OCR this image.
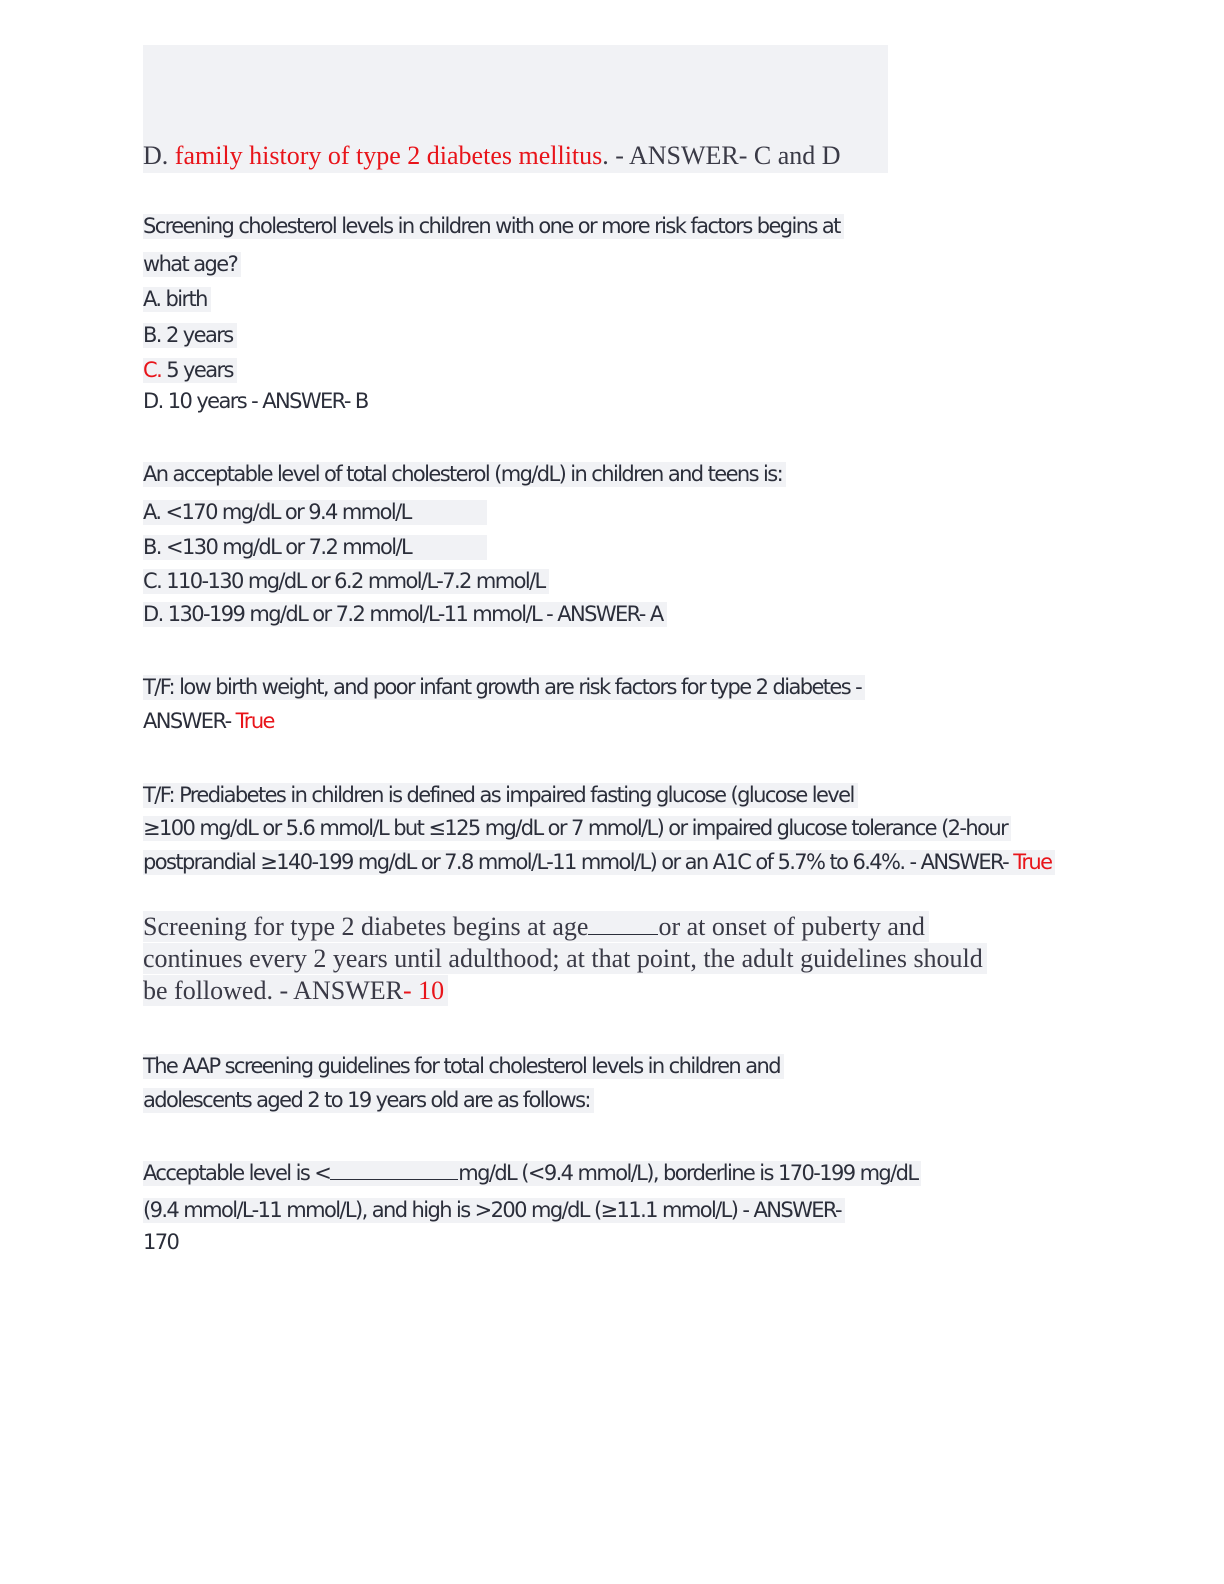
D. family history of type 2 diabetes mellitus. - ANSWER- C and D
Screening cholesterol levels in children with one or more risk factors begins at
what age?
A. birth
B. 2 years
C. 5 years
D. 10 years - ANSWER- B
An acceptable level of total cholesterol (mg/dL) in children and teens is:
A. <170 mg/dL or 9.4 mmol/L
B. <130 mg/dL or 7.2 mmol/L
C. 110-130 mg/dL or 6.2 mmol/L-7.2 mmol/L
D. 130-199 mg/dL or 7.2 mmol/L-11 mmol/L - ANSWER- A
T/F: low birth weight, and poor infant growth are risk factors for type 2 diabetes -
ANSWER- True
T/F: Prediabetes in children is defined as impaired fasting glucose (glucose level
≥100 mg/dL or 5.6 mmol/L but ≤125 mg/dL or 7 mmol/L) or impaired glucose tolerance (2-hour
postprandial ≥140-199 mg/dL or 7.8 mmol/L-11 mmol/L) or an A1C of 5.7% to 6.4%. - ANSWER- True
Screening for type 2 diabetes begins at age	or at onset of puberty and
continues every 2 years until adulthood; at that point, the adult guidelines should
be followed. - ANSWER- 10
The AAP screening guidelines for total cholesterol levels in children and
adolescents aged 2 to 19 years old are as follows:
Acceptable level is <	mg/dL (<9.4 mmol/L), borderline is 170-199 mg/dL
(9.4 mmol/L-11 mmol/L), and high is >200 mg/dL (≥11.1 mmol/L) - ANSWER-
170
